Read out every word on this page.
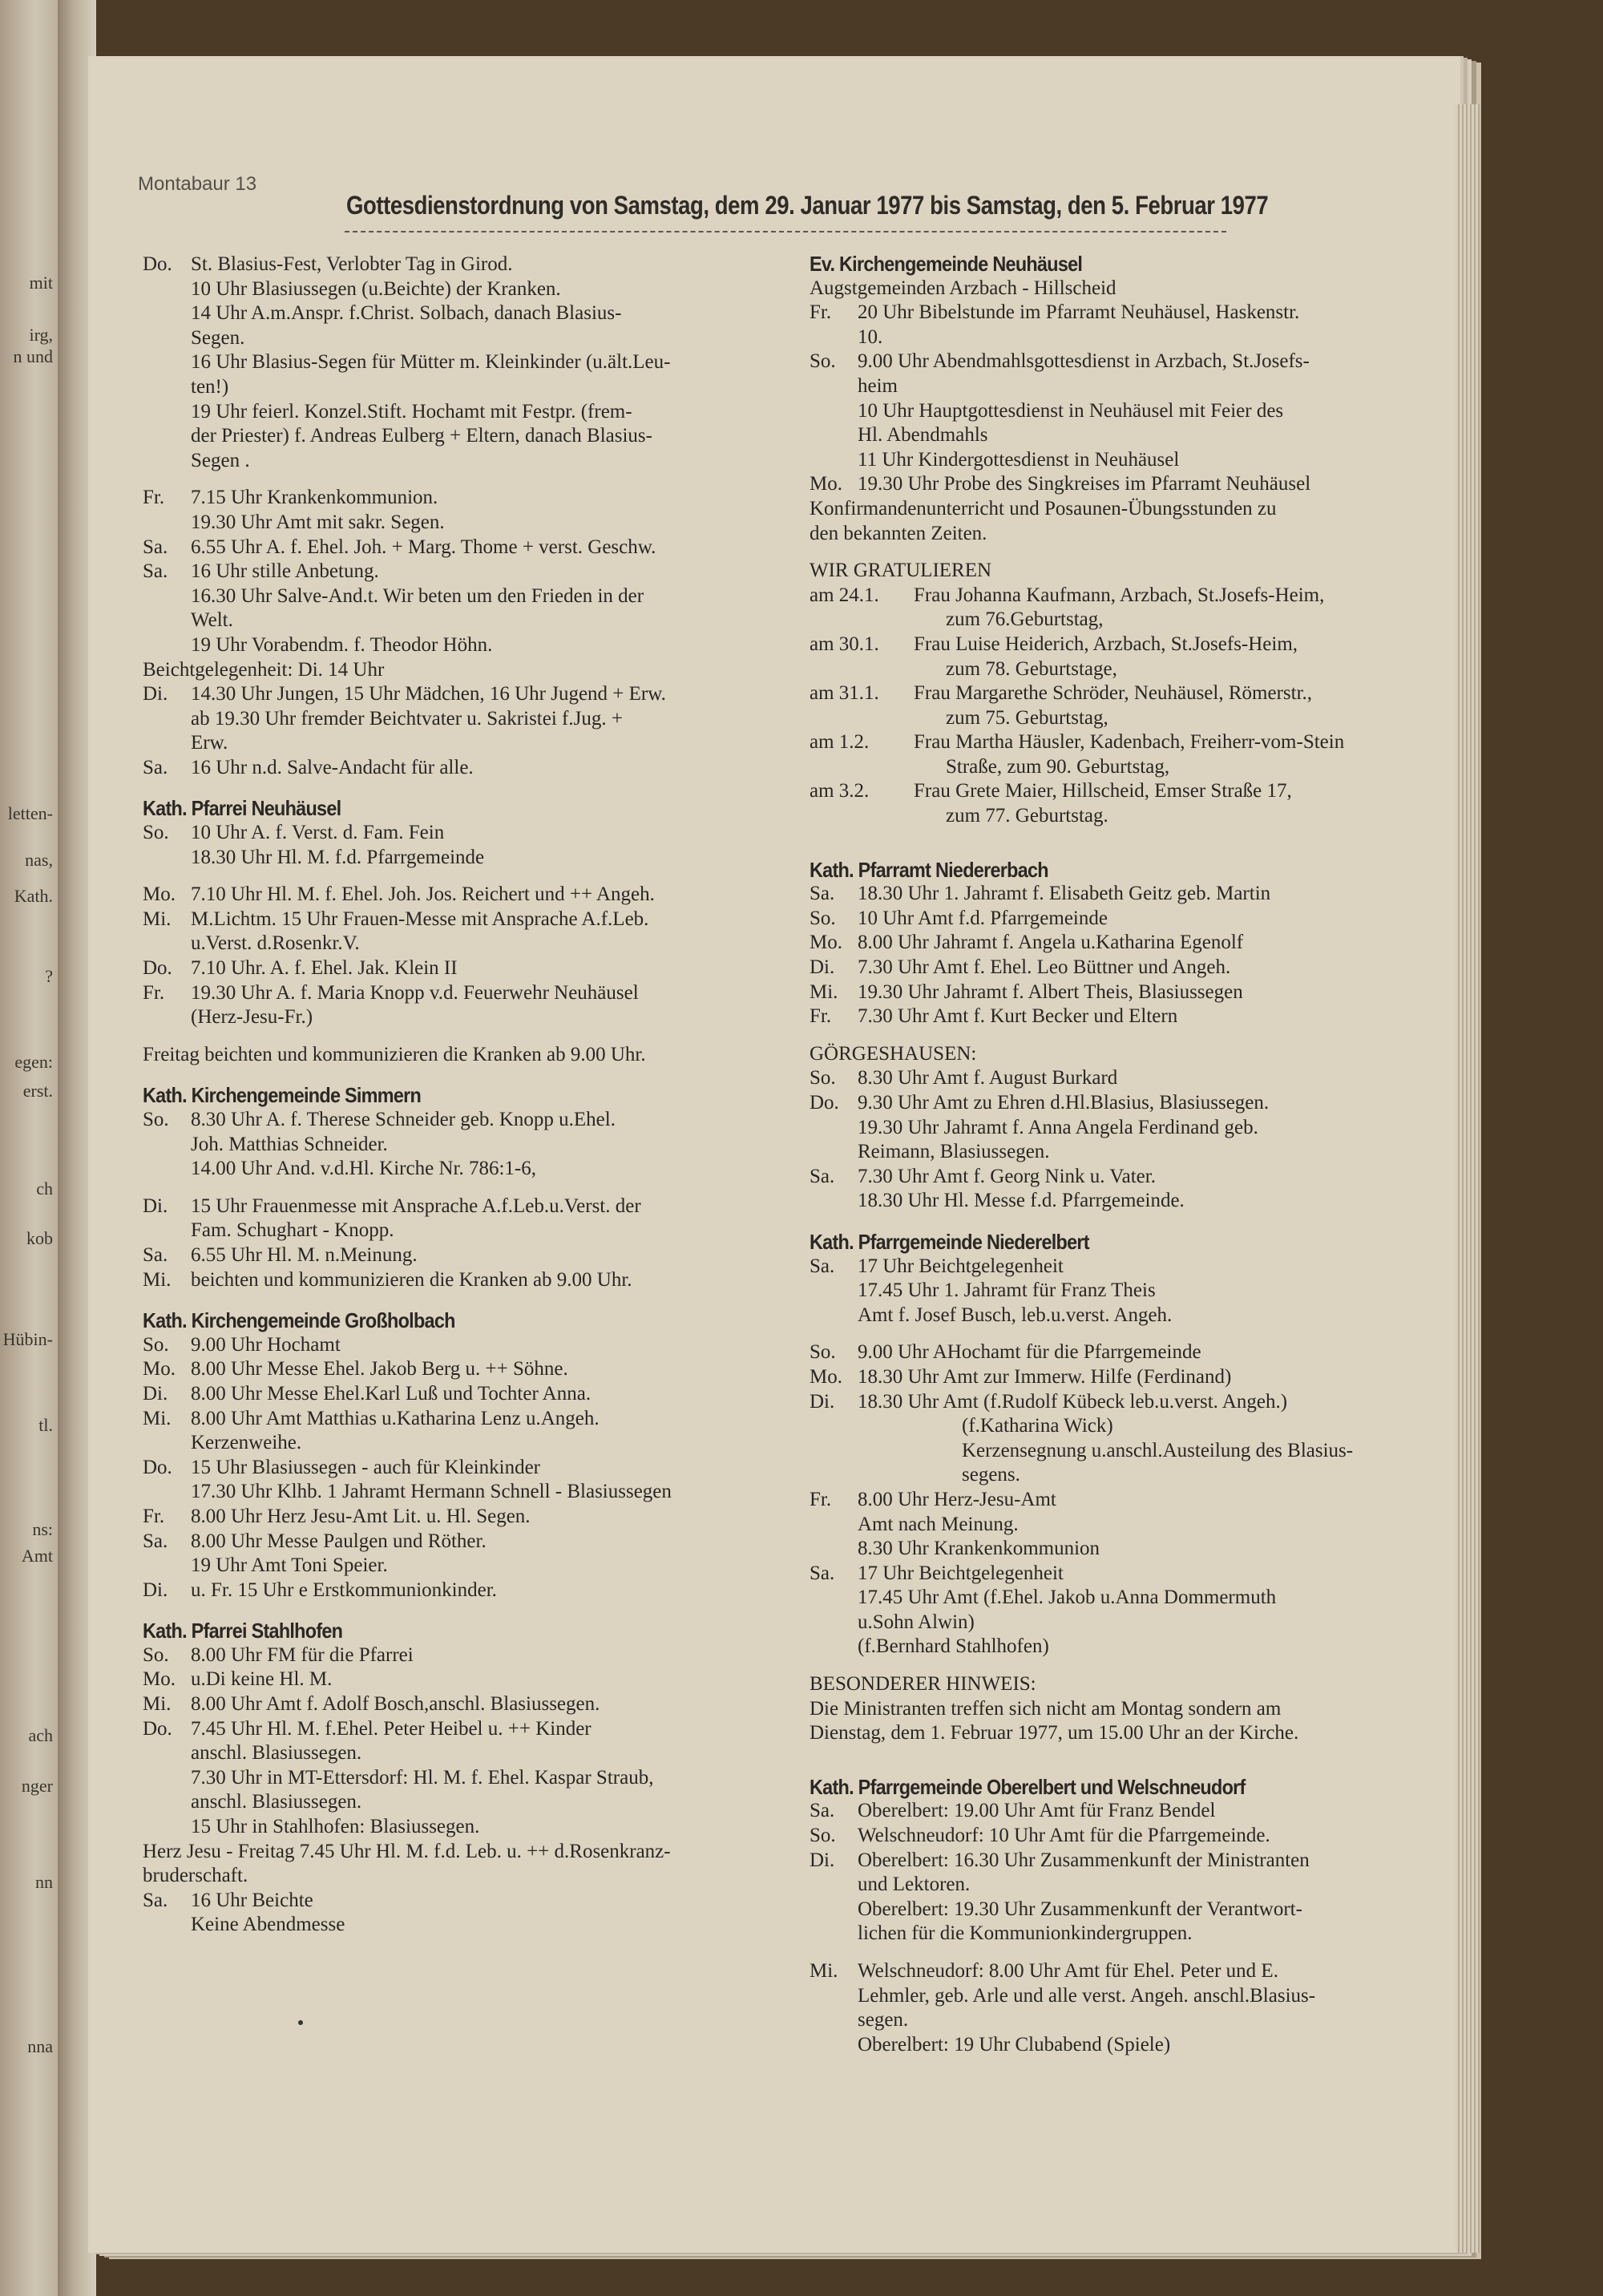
mit
irg,
n und
letten-
nas,
Kath.
?
egen:
erst.
ch
kob
Hübin-
tl.
ns:
Amt
ach
nger
nn
nna
Montabaur 13
Gottesdienstordnung von Samstag, dem 29. Januar 1977 bis Samstag, den 5. Februar 1977
Do. St. Blasius-Fest, Verlobter Tag in Girod.
10 Uhr Blasiussegen (u.Beichte) der Kranken.
14 Uhr A.m.Anspr. f.Christ. Solbach, danach Blasius-
Segen.
16 Uhr Blasius-Segen für Mütter m. Kleinkinder (u.ält.Leu-
ten!)
19 Uhr feierl. Konzel.Stift. Hochamt mit Festpr. (frem-
der Priester) f. Andreas Eulberg + Eltern, danach Blasius-
Segen .
Fr.	7.15 Uhr Krankenkommunion.
19.30 Uhr Amt mit sakr. Segen.
Sa.	6.55 Uhr A. f. Ehel. Joh. + Marg. Thome + verst. Geschw.
Sa.	16 Uhr stille Anbetung.
16.30 Uhr Salve-And.t. Wir beten um den Frieden in der
Welt.
19 Uhr Vorabendm. f. Theodor Höhn.
Beichtgelegenheit: Di. 14 Uhr
Di.	14.30 Uhr Jungen, 15 Uhr Mädchen, 16 Uhr Jugend + Erw.
ab 19.30 Uhr fremder Beichtvater u. Sakristei f.Jug. +
Erw.
Sa.	16 Uhr n.d. Salve-Andacht für alle.
Kath. Pfarrei Neuhäusel
So.	10 Uhr A. f. Verst. d. Fam. Fein
18.30 Uhr Hl. M. f.d. Pfarrgemeinde
Mo. 7.10 Uhr Hl. M. f. Ehel. Joh. Jos. Reichert und ++ Angeh.
Mi. M.Lichtm. 15 Uhr Frauen-Messe mit Ansprache A.f.Leb.
u.Verst. d.Rosenkr.V.
Do. 7.10 Uhr. A. f. Ehel. Jak. Klein II
Fr.	19.30 Uhr A. f. Maria Knopp v.d. Feuerwehr Neuhäusel
(Herz-Jesu-Fr.)
Freitag beichten und kommunizieren die Kranken ab 9.00 Uhr.
Kath. Kirchengemeinde Simmern
So.	8.30 Uhr A. f. Therese Schneider geb. Knopp u.Ehel.
Joh. Matthias Schneider.
14.00 Uhr And. v.d.Hl. Kirche Nr. 786:1-6,
Di.	15 Uhr Frauenmesse mit Ansprache A.f.Leb.u.Verst. der
Fam. Schughart - Knopp.
Sa.	6.55 Uhr Hl. M. n.Meinung.
Mi. beichten und kommunizieren die Kranken ab 9.00 Uhr.
Kath. Kirchengemeinde Großholbach
So.	9.00 Uhr Hochamt
Mo. 8.00 Uhr Messe Ehel. Jakob Berg u. ++ Söhne.
Di.	8.00 Uhr Messe Ehel.Karl Luß und Tochter Anna.
Mi. 8.00 Uhr Amt Matthias u.Katharina Lenz u.Angeh.
Kerzenweihe.
Do. 15 Uhr Blasiussegen - auch für Kleinkinder
17.30 Uhr Klhb. 1 Jahramt Hermann Schnell - Blasiussegen
Fr.	8.00 Uhr Herz Jesu-Amt Lit. u. Hl. Segen.
Sa.	8.00 Uhr Messe Paulgen und Röther.
19 Uhr Amt Toni Speier.
Di.	u. Fr. 15 Uhr e Erstkommunionkinder.
Kath. Pfarrei Stahlhofen
So.	8.00 Uhr FM für die Pfarrei
Mo. u.Di keine Hl. M.
Mi. 8.00 Uhr Amt f. Adolf Bosch,anschl. Blasiussegen.
Do. 7.45 Uhr Hl. M. f.Ehel. Peter Heibel u. ++ Kinder
anschl. Blasiussegen.
7.30 Uhr in MT-Ettersdorf: Hl. M. f. Ehel. Kaspar Straub,
anschl. Blasiussegen.
15 Uhr in Stahlhofen: Blasiussegen.
Herz Jesu - Freitag 7.45 Uhr Hl. M. f.d. Leb. u. ++ d.Rosenkranz-
bruderschaft.
Sa.	16 Uhr Beichte
Keine Abendmesse
Ev. Kirchengemeinde Neuhäusel
Augstgemeinden Arzbach - Hillscheid
Fr.	20 Uhr Bibelstunde im Pfarramt Neuhäusel, Haskenstr.
10.
So.	9.00 Uhr Abendmahlsgottesdienst in Arzbach, St.Josefs-
heim
10 Uhr Hauptgottesdienst in Neuhäusel mit Feier des
Hl. Abendmahls
11 Uhr Kindergottesdienst in Neuhäusel
Mo. 19.30 Uhr Probe des Singkreises im Pfarramt Neuhäusel
Konfirmandenunterricht und Posaunen-Übungsstunden zu
den bekannten Zeiten.
WIR GRATULIEREN
am 24.1.	Frau Johanna Kaufmann, Arzbach, St.Josefs-Heim,
zum 76.Geburtstag,
am 30.1.	Frau Luise Heiderich, Arzbach, St.Josefs-Heim,
zum 78. Geburtstage,
am 31.1.	Frau Margarethe Schröder, Neuhäusel, Römerstr.,
zum 75. Geburtstag,
am 1.2.	Frau Martha Häusler, Kadenbach, Freiherr-vom-Stein
Straße, zum 90. Geburtstag,
am 3.2.	Frau Grete Maier, Hillscheid, Emser Straße 17,
zum 77. Geburtstag.
Kath. Pfarramt Niedererbach
Sa.	18.30 Uhr 1. Jahramt f. Elisabeth Geitz geb. Martin
So.	10 Uhr Amt f.d. Pfarrgemeinde
Mo. 8.00 Uhr Jahramt f. Angela u.Katharina Egenolf
Di.	7.30 Uhr Amt f. Ehel. Leo Büttner und Angeh.
Mi. 19.30 Uhr Jahramt f. Albert Theis, Blasiussegen
Fr.	7.30 Uhr Amt f. Kurt Becker und Eltern
GÖRGESHAUSEN:
So.	8.30 Uhr Amt f. August Burkard
Do. 9.30 Uhr Amt zu Ehren d.Hl.Blasius, Blasiussegen.
19.30 Uhr Jahramt f. Anna Angela Ferdinand geb.
Reimann, Blasiussegen.
Sa.	7.30 Uhr Amt f. Georg Nink u. Vater.
18.30 Uhr Hl. Messe f.d. Pfarrgemeinde.
Kath. Pfarrgemeinde Niederelbert
Sa.	17 Uhr Beichtgelegenheit
17.45 Uhr 1. Jahramt für Franz Theis
Amt f. Josef Busch, leb.u.verst. Angeh.
So.	9.00 Uhr AHochamt für die Pfarrgemeinde
Mo. 18.30 Uhr Amt zur Immerw. Hilfe (Ferdinand)
Di.	18.30 Uhr Amt (f.Rudolf Kübeck leb.u.verst. Angeh.)
(f.Katharina Wick)
Kerzensegnung u.anschl.Austeilung des Blasius-
segens.
Fr.	8.00 Uhr Herz-Jesu-Amt
Amt nach Meinung.
8.30 Uhr Krankenkommunion
Sa.	17 Uhr Beichtgelegenheit
17.45 Uhr Amt (f.Ehel. Jakob u.Anna Dommermuth
u.Sohn Alwin)
(f.Bernhard Stahlhofen)
BESONDERER HINWEIS:
Die Ministranten treffen sich nicht am Montag sondern am
Dienstag, dem 1. Februar 1977, um 15.00 Uhr an der Kirche.
Kath. Pfarrgemeinde Oberelbert und Welschneudorf
Sa.	Oberelbert: 19.00 Uhr Amt für Franz Bendel
So.	Welschneudorf: 10 Uhr Amt für die Pfarrgemeinde.
Di.	Oberelbert: 16.30 Uhr Zusammenkunft der Ministranten
und Lektoren.
Oberelbert: 19.30 Uhr Zusammenkunft der Verantwort-
lichen für die Kommunionkindergruppen.
Mi. Welschneudorf: 8.00 Uhr Amt für Ehel. Peter und E.
Lehmler, geb. Arle und alle verst. Angeh. anschl.Blasius-
segen.
Oberelbert: 19 Uhr Clubabend (Spiele)
